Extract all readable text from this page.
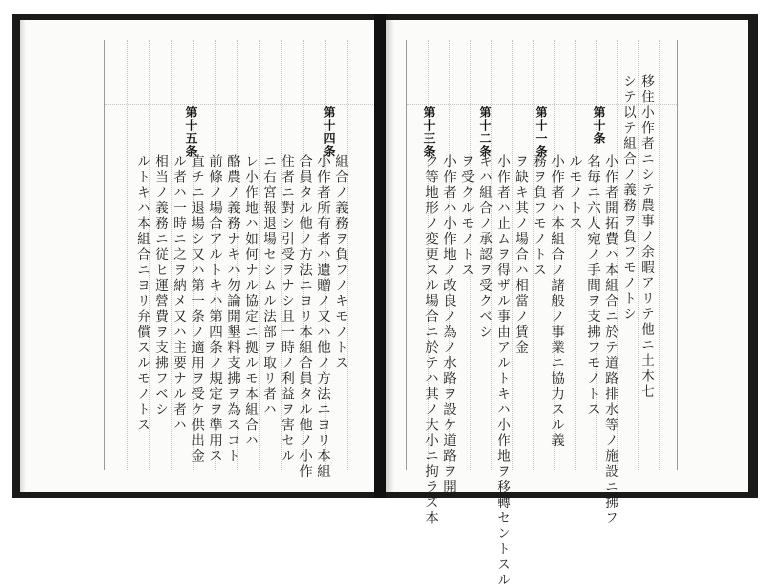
第十五条	第十四条
組合ノ義務ヲ負フノキモノトス
小作者所有者ハ遺贈ノ又ハ他ノ方法ニヨリ本組
合員タル他ノ方法ニヨリ本組合員タル他ノ小作
住者ニ對シ引受ヲナシ且一時ノ利益ヲ害セル
ニ右宮報退場セシムル法部ヲ取リ者ハ
レ小作地ハ如何ナル協定ニ拠ルモ本組合ハ
酪農ノ義務ナキハ勿論開墾料支拂ヲ為スコト
前條ノ場合アルトキハ第四条ノ規定ヲ準用ス
直チニ退場シ又ハ第一条ノ適用ヲ受ケ供出金
ル者ハ一時ニ之ヲ納メ又ハ主要ナル者ハ
相当ノ義務ニ従ヒ運營費ヲ支拂フベシ
ルトキハ本組合ニヨリ弁償スルモノトス
第十三条	第十二条	第十一条	第十条 移住小作者ニシテ農事ノ余暇アリテ他ニ土木七
シテ以テ組合ノ義務ヲ負フモノトシ
小作者開拓費ハ本組合ニ於テ道路排水等ノ施設ニ拂フ
名毎ニ六人宛ノ手間ヲ支拂フモノトス
ルモノトス
小作者ハ本組合ノ諸般ノ事業ニ協力スル義
務ヲ負フモノトス
ヲ缺キ其ノ場合ハ相當ノ賃金
小作者ハ止ムヲ得ザル事由アルトキハ小作地ヲ移轉セントスル
キハ組合ノ承認ヲ受クベシ
ヲ受クルモノトス
小作者ハ小作地ノ改良ノ為ノ水路ヲ設ケ道路ヲ開
ク等地形ノ変更スル場合ニ於テハ其ノ大小ニ拘ラズ本
